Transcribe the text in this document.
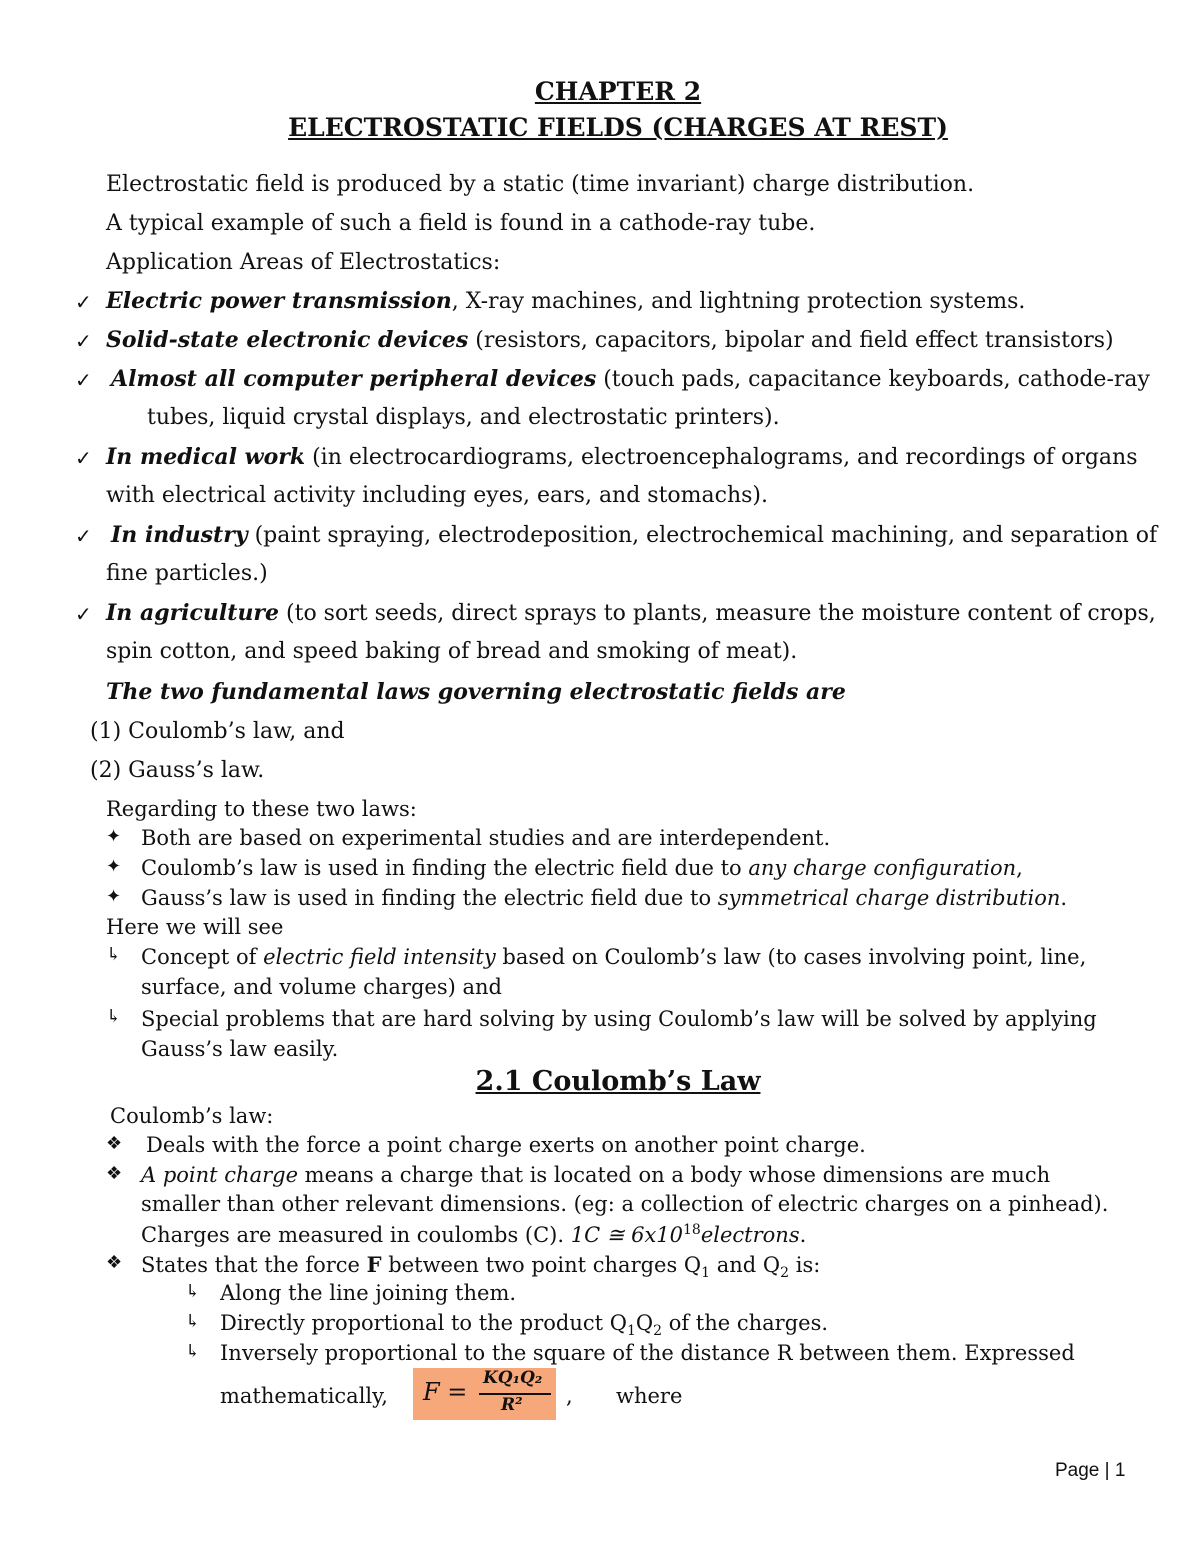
CHAPTER 2
ELECTROSTATIC FIELDS (CHARGES AT REST)
Electrostatic field is produced by a static (time invariant) charge distribution.
A typical example of such a field is found in a cathode-ray tube.
Application Areas of Electrostatics:
✓ Electric power transmission, X-ray machines, and lightning protection systems.
✓ Solid-state electronic devices (resistors, capacitors, bipolar and field effect transistors)
✓ Almost all computer peripheral devices (touch pads, capacitance keyboards, cathode-ray
tubes, liquid crystal displays, and electrostatic printers).
✓ In medical work (in electrocardiograms, electroencephalograms, and recordings of organs
with electrical activity including eyes, ears, and stomachs).
✓ In industry (paint spraying, electrodeposition, electrochemical machining, and separation of
fine particles.)
✓ In agriculture (to sort seeds, direct sprays to plants, measure the moisture content of crops,
spin cotton, and speed baking of bread and smoking of meat).
The two fundamental laws governing electrostatic fields are
(1) Coulomb’s law, and
(2) Gauss’s law.
Regarding to these two laws:
✦ Both are based on experimental studies and are interdependent.
✦ Coulomb’s law is used in finding the electric field due to any charge configuration,
✦ Gauss’s law is used in finding the electric field due to symmetrical charge distribution.
Here we will see
↳ Concept of electric field intensity based on Coulomb’s law (to cases involving point, line,
surface, and volume charges) and
↳ Special problems that are hard solving by using Coulomb’s law will be solved by applying
Gauss’s law easily.
2.1 Coulomb’s Law
Coulomb’s law:
❖ Deals with the force a point charge exerts on another point charge.
❖ A point charge means a charge that is located on a body whose dimensions are much
smaller than other relevant dimensions. (eg: a collection of electric charges on a pinhead).
Charges are measured in coulombs (C). 1C ≅ $6x10^{18}electrons$.
❖ States that the force F between two point charges $Q_1$ and $Q_2$ is:
↳ Along the line joining them.
↳ Directly proportional to the product $Q_1Q_2$ of the charges.
↳ Inversely proportional to the square of the distance R between them. Expressed
mathematically, F = KQ₁Q₂
R² , where
Page | 1
